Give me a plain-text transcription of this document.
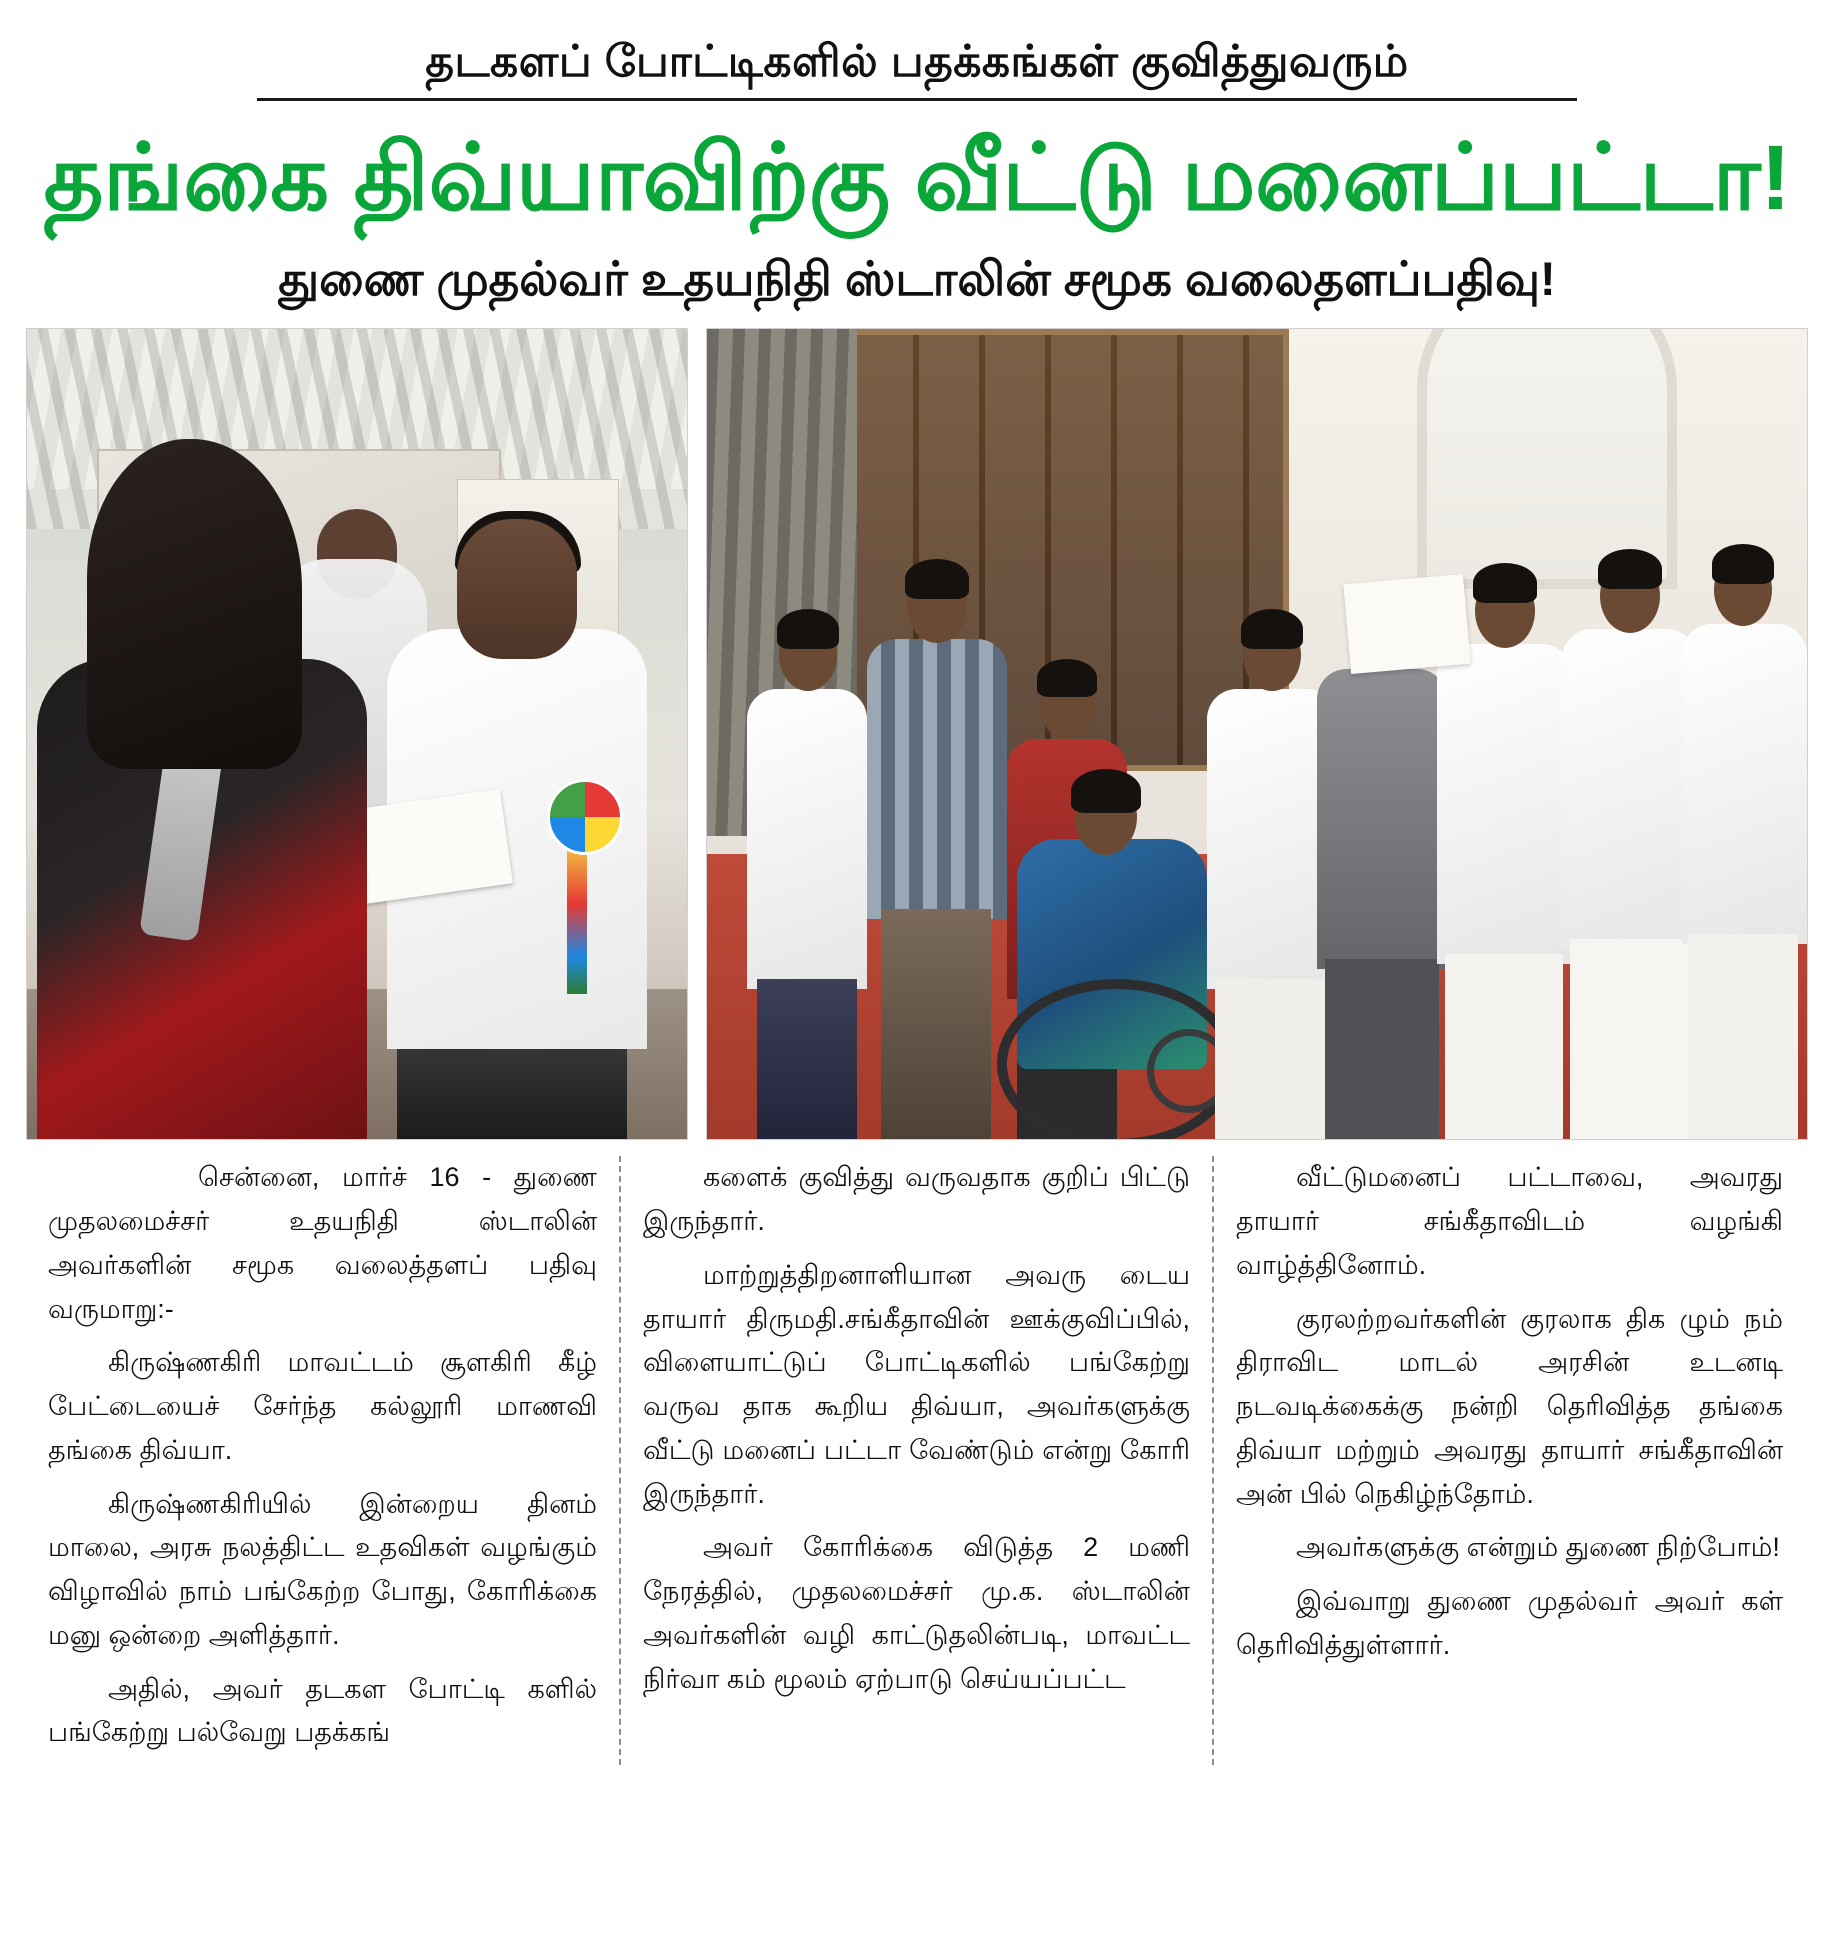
தடகளப் போட்டிகளில் பதக்கங்கள் குவித்துவரும்
தங்கை திவ்யாவிற்கு வீட்டு மனைப்பட்டா!
துணை முதல்வர் உதயநிதி ஸ்டாலின் சமூக வலைதளப்பதிவு!

சென்னை, மார்ச் 16 - துணை முதலமைச்சர் உதயநிதி ஸ்டாலின் அவர்களின் சமூக வலைத்தளப் பதிவு வருமாறு:-

கிருஷ்ணகிரி மாவட்டம் சூளகிரி கீழ் பேட்டையைச் சேர்ந்த கல்லூரி மாணவி தங்கை திவ்யா.

கிருஷ்ணகிரியில் இன்றைய தினம் மாலை, அரசு நலத்திட்ட உதவிகள் வழங்கும் விழாவில் நாம் பங்கேற்ற போது, கோரிக்கை மனு ஒன்றை அளித்தார்.

அதில், அவர் தடகள போட்டி களில் பங்கேற்று பல்வேறு பதக்கங்

களைக் குவித்து வருவதாக குறிப் பிட்டு இருந்தார்.

மாற்றுத்திறனாளியான அவரு டைய தாயார் திருமதி.சங்கீதாவின் ஊக்குவிப்பில், விளையாட்டுப் போட்டிகளில் பங்கேற்று வருவ தாக கூறிய திவ்யா, அவர்களுக்கு வீட்டு மனைப் பட்டா வேண்டும் என்று கோரி இருந்தார்.

அவர் கோரிக்கை விடுத்த 2 மணி நேரத்தில், முதலமைச்சர் மு.க. ஸ்டாலின் அவர்களின் வழி காட்டுதலின்படி, மாவட்ட நிர்வா கம் மூலம் ஏற்பாடு செய்யப்பட்ட

வீட்டுமனைப் பட்டாவை, அவரது தாயார் சங்கீதாவிடம் வழங்கி வாழ்த்தினோம்.

குரலற்றவர்களின் குரலாக திக ழும் நம் திராவிட மாடல் அரசின் உடனடி நடவடிக்கைக்கு நன்றி தெரிவித்த தங்கை திவ்யா மற்றும் அவரது தாயார் சங்கீதாவின் அன் பில் நெகிழ்ந்தோம்.

அவர்களுக்கு என்றும் துணை நிற்போம்!

இவ்வாறு துணை முதல்வர் அவர் கள் தெரிவித்துள்ளார்.
